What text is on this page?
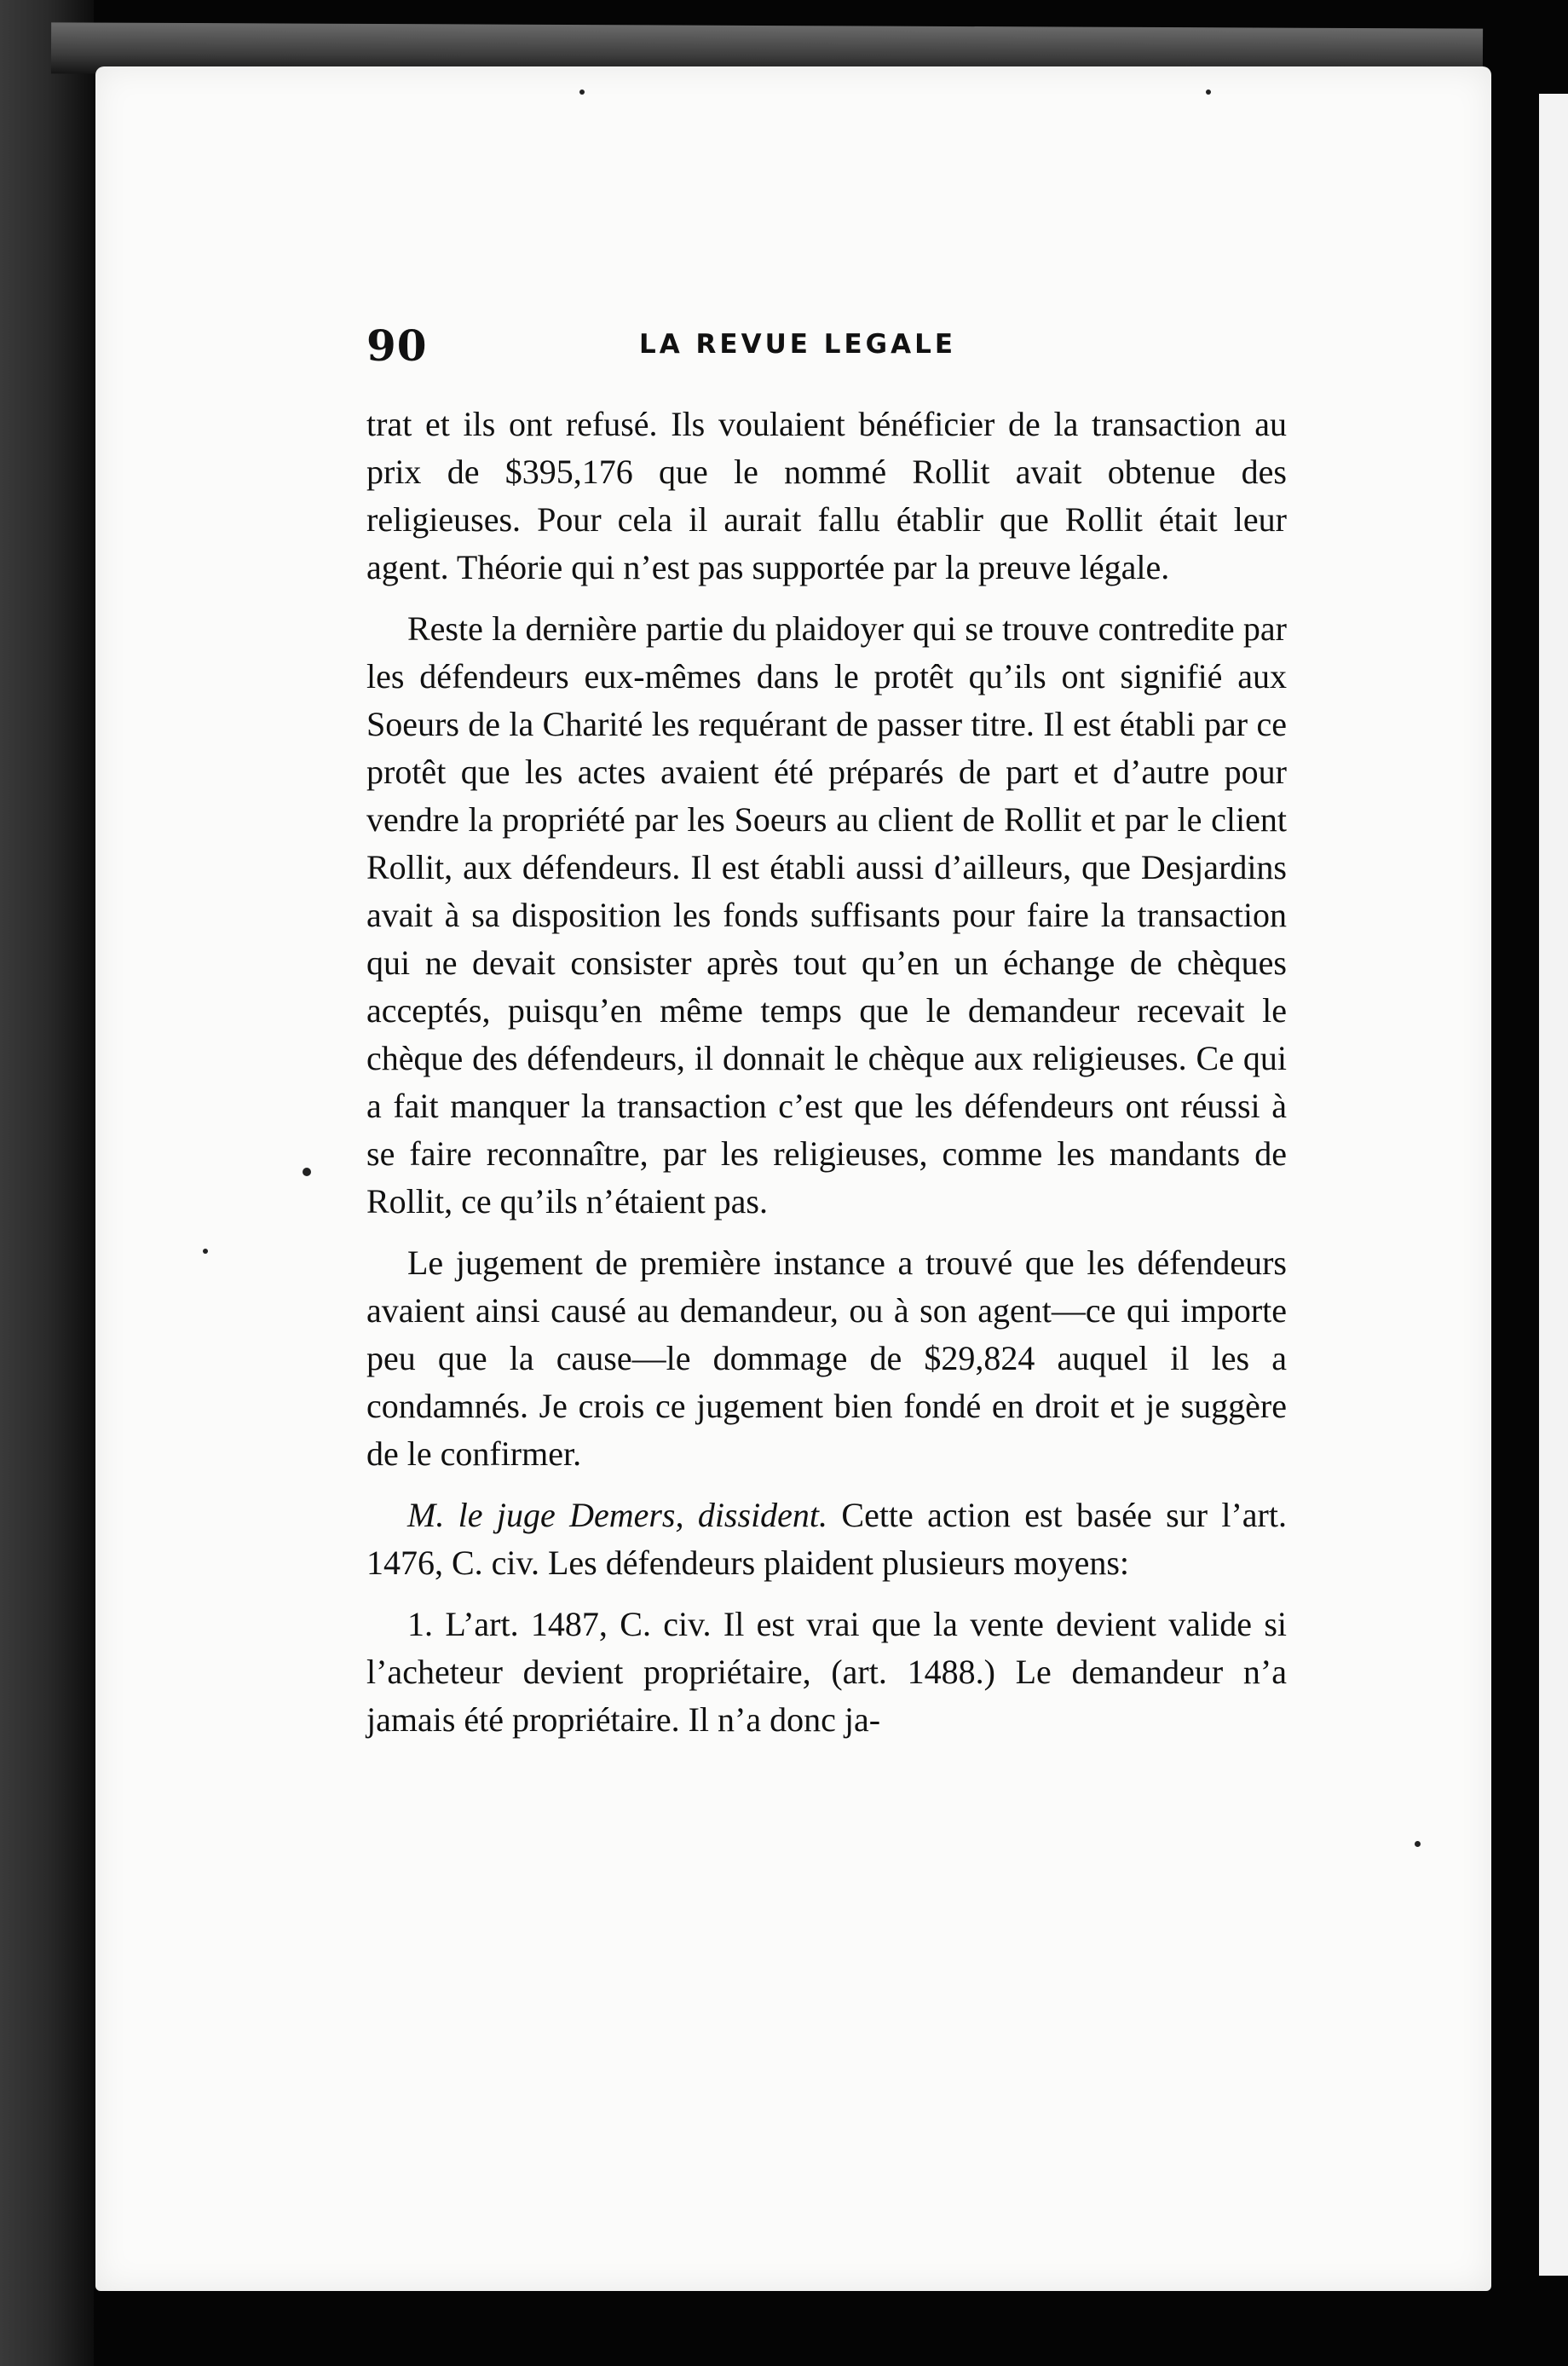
90	LA REVUE LEGALE

trat et ils ont refusé. Ils voulaient bénéficier de la transaction au prix de $395,176 que le nommé Rollit avait obtenue des religieuses. Pour cela il aurait fallu établir que Rollit était leur agent. Théorie qui n’est pas supportée par la preuve légale.

Reste la dernière partie du plaidoyer qui se trouve contredite par les défendeurs eux-mêmes dans le protêt qu’ils ont signifié aux Soeurs de la Charité les requérant de passer titre. Il est établi par ce protêt que les actes avaient été préparés de part et d’autre pour vendre la propriété par les Soeurs au client de Rollit et par le client Rollit, aux défendeurs. Il est établi aussi d’ailleurs, que Desjardins avait à sa disposition les fonds suffisants pour faire la transaction qui ne devait consister après tout qu’en un échange de chèques acceptés, puisqu’en même temps que le demandeur recevait le chèque des défendeurs, il donnait le chèque aux religieuses. Ce qui a fait manquer la transaction c’est que les défendeurs ont réussi à se faire reconnaître, par les religieuses, comme les mandants de Rollit, ce qu’ils n’étaient pas.

Le jugement de première instance a trouvé que les défendeurs avaient ainsi causé au demandeur, ou à son agent—ce qui importe peu que la cause—le dommage de $29,824 auquel il les a condamnés. Je crois ce jugement bien fondé en droit et je suggère de le confirmer.

M. le juge Demers, dissident. Cette action est basée sur l’art. 1476, C. civ. Les défendeurs plaident plusieurs moyens:

1. L’art. 1487, C. civ. Il est vrai que la vente devient valide si l’acheteur devient propriétaire, (art. 1488.) Le demandeur n’a jamais été propriétaire. Il n’a donc ja-
